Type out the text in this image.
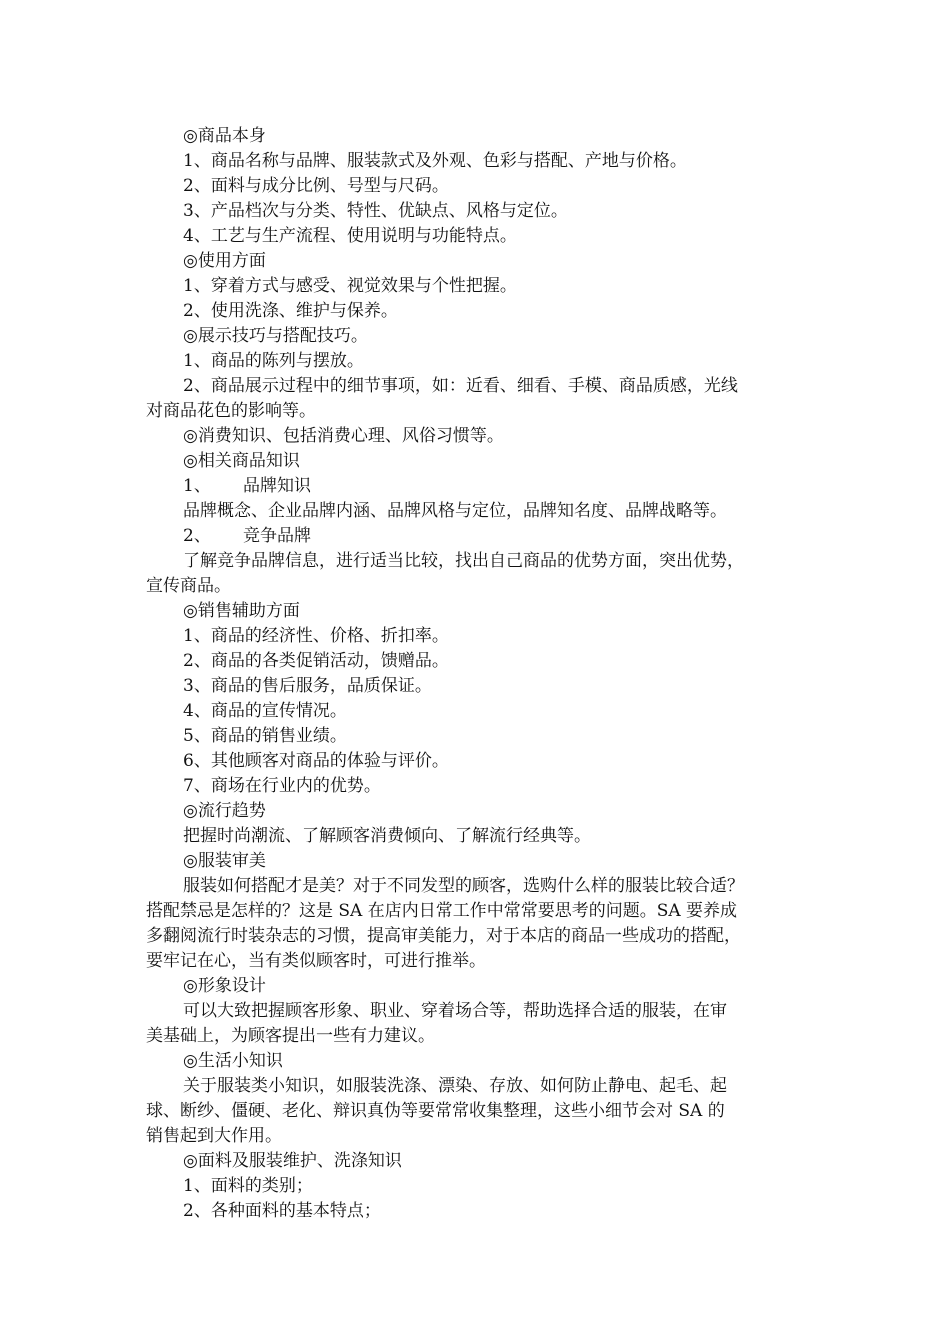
◎商品本身
1、商品名称与品牌、服装款式及外观、色彩与搭配、产地与价格。
2、面料与成分比例、号型与尺码。
3、产品档次与分类、特性、优缺点、风格与定位。
4、工艺与生产流程、使用说明与功能特点。
◎使用方面
1、穿着方式与感受、视觉效果与个性把握。
2、使用洗涤、维护与保养。
◎展示技巧与搭配技巧。
1、商品的陈列与摆放。
2、商品展示过程中的细节事项，如：近看、细看、手模、商品质感，光线
对商品花色的影响等。
◎消费知识、包括消费心理、风俗习惯等。
◎相关商品知识
1、 品牌知识
品牌概念、企业品牌内涵、品牌风格与定位，品牌知名度、品牌战略等。
2、 竞争品牌
了解竞争品牌信息，进行适当比较，找出自己商品的优势方面，突出优势，
宣传商品。
◎销售辅助方面
1、商品的经济性、价格、折扣率。
2、商品的各类促销活动，馈赠品。
3、商品的售后服务，品质保证。
4、商品的宣传情况。
5、商品的销售业绩。
6、其他顾客对商品的体验与评价。
7、商场在行业内的优势。
◎流行趋势
把握时尚潮流、了解顾客消费倾向、了解流行经典等。
◎服装审美
服装如何搭配才是美？对于不同发型的顾客，选购什么样的服装比较合适？
搭配禁忌是怎样的？这是 SA 在店内日常工作中常常要思考的问题。SA 要养成
多翻阅流行时装杂志的习惯，提高审美能力，对于本店的商品一些成功的搭配，
要牢记在心，当有类似顾客时，可进行推举。
◎形象设计
可以大致把握顾客形象、职业、穿着场合等，帮助选择合适的服装，在审
美基础上，为顾客提出一些有力建议。
◎生活小知识
关于服装类小知识，如服装洗涤、漂染、存放、如何防止静电、起毛、起
球、断纱、僵硬、老化、辩识真伪等要常常收集整理，这些小细节会对 SA 的
销售起到大作用。
◎面料及服装维护、洗涤知识
1、面料的类别；
2、各种面料的基本特点；
